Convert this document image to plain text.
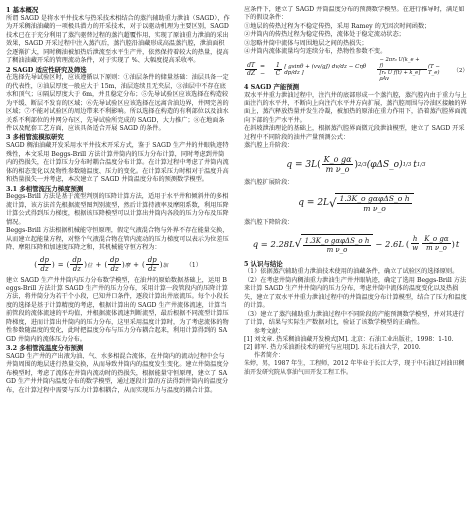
1 基本概况

所谓 SAGD 是将水平井技术与热采技术相结合的蒸汽辅助重力泄油（SAGD），作为开采稠油油藏的一项极具潜力的开采技术，对于以驱动机理为主要区别，SAGD 技术已在于充分利用了蒸汽驱替过程的蒸汽超覆作用，实现了原油重力泄油的采出效果，SAGD 开采过程中注入蒸汽后，蒸汽腔沿油藏形成高温蒸汽腔，泄油面积会逐渐扩大，同时稠油被加热后泄流至水平生产井，依然保持着较大的热量，提高了稠油油藏开采的管理流动条件，对于实现了 %、大幅度提高采收率。

2 SAGD 适应性研究及筛选

在选择先导试验区时，应该遵循以下原则：①油层条件的储量基础：油层具备一定的代表性，②油层厚度一般应大于 15m，油层连续且无夹层，③油层中不存在底水和顶气；④隔层厚度大于 6m，并且稳定分布；⑤先导试验区应该选择在构造较为平缓、断层不发育的区域；⑥先导试验区应该选择在远离含油边界，井网完善的区域；⑦不能对试验区的周边带来不利影响。所以选择在构造的有利部位以及油水关系不利部位的井网分布区，先导试验所完成的 SAGD，大力推广；⑧在地面条件以及配套工艺方面，应该具备适合开展 SAGD 的条件。

3 多相管流模拟研究

SAGD 稠油油藏开发采用水平井技术开采方式，鉴于 SAGD 生产井的井眼轨迹特殊性，本文采用 Beggs-Brill 方法计算井筒内的压力分布计算，同时考虑到井筒内的热损失，在计算压力分布时耦合温度分布计算。在计算过程中考虑了井筒内流体的相态变化以及物性参数随温度、压力的变化。在计算采压力时相对于温度升高和热量损失一并考虑，本次建立了 SAGD 井筒温度分布的预测数学模型。

3.1 多相管流压力梯度预测

Beggs-Brill 方法是基于流型判别的压降计算方法，适用于水平井和倾斜井的多相流计算，该方法首先根据流型图判别流型，然后计算持液率及摩阻系数，利用压降计算公式得到压力梯度，根据该压降模型可以计算出井筒内各段的压力分布及压降情况。

Beggs-Brill 方法根据机械能守恒原理，假定气液混合物与外界不存在能量交换，从而建立起能量方程，对整个气液混合物在管内流动的压力梯度可以表示为位差压降、摩阻压降和加速度压降之和，其机械能守恒方程为：

( $\frac{dp}{dz}$ ) = ( $\frac{dp}{dz}$ ) 位 + ( $\frac{dp}{dz}$ ) 摩 + ( $\frac{dp}{dz}$ ) 加	（1）

建立 SAGD 生产井井筒内压力分布数学模型，在油井的原始数据基础上，运用 Beggs-Brill 方法计算 SAGD 生产井的压力分布，采用计算一段管段内的压降计算方法，将井筒分为若干个小段，已知井口条件，逐段计算出井底流压。每个小段长度的选择是基于计算精度的考虑，根据计算出的 SAGD 生产井流体流速，计算当前管段的流体流速的平均值，并根据流体流速判断流型，最后根据不同流型计算压降梯度，进而计算出井筒内的压力分布，这里采用温度计算时，为了考虑流体的物性参数随温度的变化，此时把温度分布与压力分布耦合起来，利用计算得到的 SAGD 井筒内的流体压力分布。

3.2 多相管流温度分布预测

SAGD 生产井的产出液为油、气、水多相混合流体，在井筒内的流动过程中会与井筒周围的地层进行热量交换，从而导致井筒内的温度发生变化。建立井筒温度分布模型时，考虑了流体在井筒内流动时的热损失，根据能量守恒原理，建立了 SAGD 生产井井筒内温度分布的数学模型，通过逐段计算的方法得到井筒内的温度分布，在计算过程中需要与压力计算相耦合，从而实现压力与温度的耦合计算。

应条件下，建立了 SAGD 井筒温度分布的预测数学模型。在进行推导时，满足如下的假设条件：

①地层的传热过程为不稳定传热，采用 Ramey 的无因次时间函数；

②井筒内的传热过程为稳定传热，流体处于稳定流动状态；

③忽略井筒中流体与周围地层之间的热损失；

④井筒内流体流量均匀连续分布，热物性参数不变。

$\frac{dT}{dZ}$ = −	$\frac{1}{C}$ [ gsinθ + (vv/gJ) dv/dz − Cηθ dp/dz ]	$\frac{\text{− 2πr₀ U(k\_e + f)}}{\text{[r₀ U f(t) + k\_e] ρAv}} (T$ − T_e)	（2）

4 SAGD 产能预测

双水平井重力泄油过程中，注汽井的底部形成一个蒸汽腔，蒸汽腔内由于重力与上面注汽的水平井，不断向上向注汽水平井方向扩展，蒸汽腔周围与冷油区接触的界面上，蒸汽释放热量并发生冷凝，被加热的原油在重力作用下，沿着蒸汽腔界面流向下部的生产水平井。

在斜坡泄油理论的基础上，根据蒸汽腔界面微元段泄油模型，建立了 SAGD 开采过程中不同阶段的油井产量预测公式：

蒸汽腔上升阶段：

q = 3L ( $\frac{\text{K\_o gα}}{\text{m ν\_o}}$ ) 2/3 (φΔS_o) 1/3 t 1/3

蒸汽腔扩展阶段：

q = 2L √ $\frac{\text{1.3K\_o gαφΔS\_o h}}{\text{m ν\_o}}$

蒸汽腔下降阶段：

q = 2.28L √ $\frac{\text{1.3K\_o gαφΔS\_o h}}{\text{m ν\_o}} - 2.6L$ ( $\frac{h}{w} \frac{\text{K\_o gα}}{\text{m ν\_o}}$ ) t

5 认识与结论

（1）依据蒸汽辅助重力泄油技术使用的油藏条件，确立了试验区的选择原则。

（2）在考虑井筒内稠油重力泄油生产井井眼轨迹，确定了选用 Beggs-Brill 方法来计算 SAGD 生产井井筒内的压力分布，考虑井筒中流体的温度变化以及热损失，建立了双水平井重力泄油过程中的井筒温度分布计算模型，结合了压力和温度的计算。

（3）建立了蒸汽辅助重力泄油过程中不同阶段的产能预测数学模型，并对其进行了计算，结果与实际生产数据对比，验证了该数学模型的正确性。

参考文献：

[1] 刘文章. 热采稠油油藏开发模式[M]. 北京：石油工业出版社，1998：1-10.

[2] 韩军. 热力采油新技术的研究与应用[D]. 东北石油大学，2010.

作者简介：

朱婷，男，1987 年生，工程师，2012 年毕业于长江大学，现于中石油辽河油田稠油开发研究院从事油气田开发工程工作。
